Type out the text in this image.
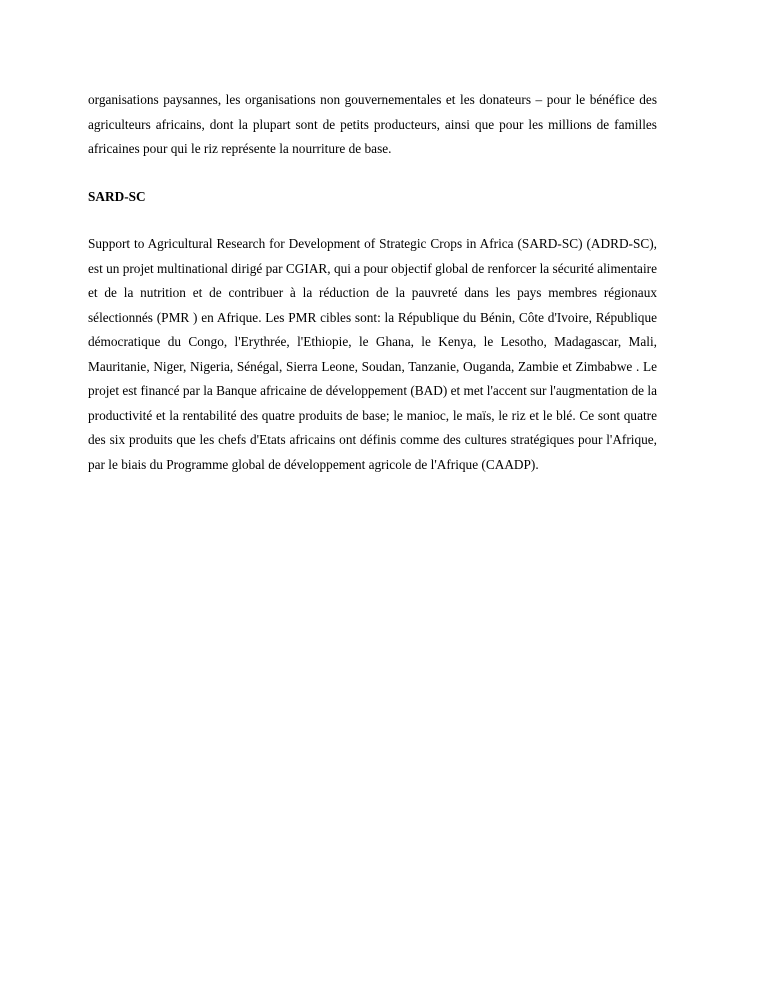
organisations paysannes, les organisations non gouvernementales et les donateurs – pour le bénéfice des agriculteurs africains, dont la plupart sont de petits producteurs, ainsi que pour les millions de familles africaines pour qui le riz représente la nourriture de base.

SARD-SC

Support to Agricultural Research for Development of Strategic Crops in Africa (SARD-SC) (ADRD-SC), est un projet multinational dirigé par CGIAR, qui a pour objectif global de renforcer la sécurité alimentaire et de la nutrition et de contribuer à la réduction de la pauvreté dans les pays membres régionaux sélectionnés (PMR ) en Afrique. Les PMR cibles sont: la République du Bénin, Côte d'Ivoire, République démocratique du Congo, l'Erythrée, l'Ethiopie, le Ghana, le Kenya, le Lesotho, Madagascar, Mali, Mauritanie, Niger, Nigeria, Sénégal, Sierra Leone, Soudan, Tanzanie, Ouganda, Zambie et Zimbabwe . Le projet est financé par la Banque africaine de développement (BAD) et met l'accent sur l'augmentation de la productivité et la rentabilité des quatre produits de base; le manioc, le maïs, le riz et le blé. Ce sont quatre des six produits que les chefs d'Etats africains ont définis comme des cultures stratégiques pour l'Afrique, par le biais du Programme global de développement agricole de l'Afrique (CAADP).
